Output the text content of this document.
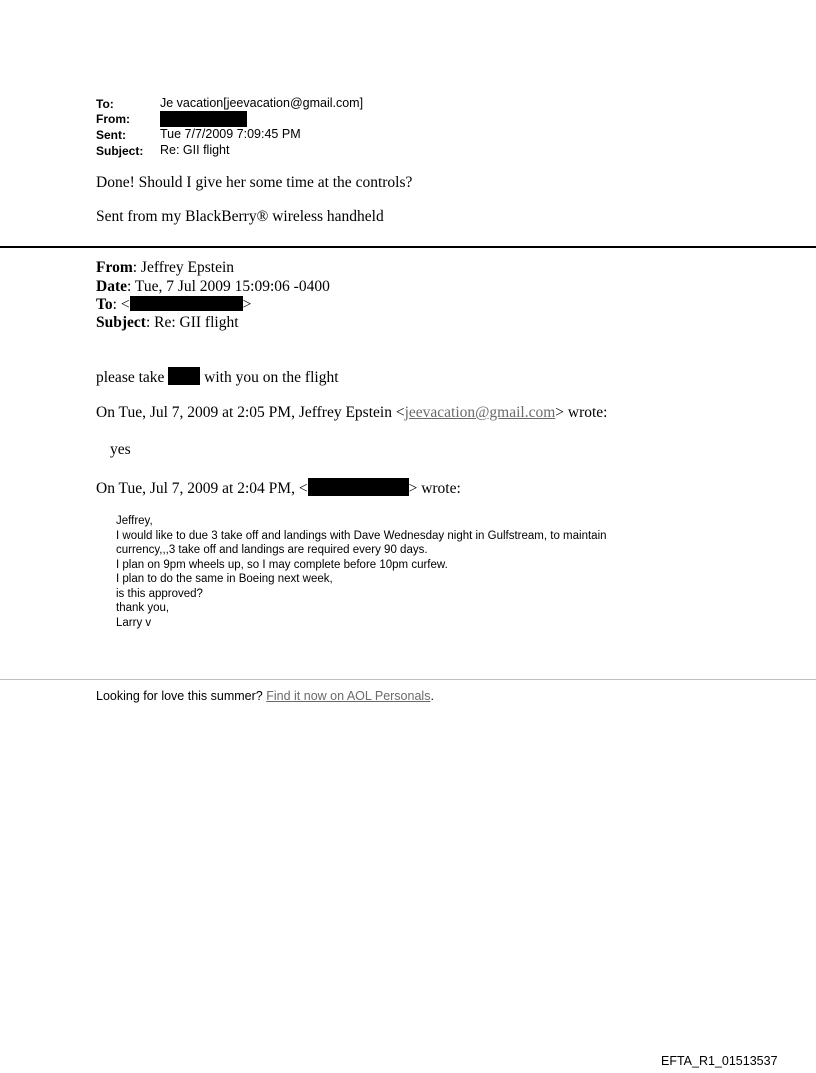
To:	Je vacation[jeevacation@gmail.com]
From:
Sent:	Tue 7/7/2009 7:09:45 PM
Subject: Re: GII flight
Done! Should I give her some time at the controls?
Sent from my BlackBerry® wireless handheld
From: Jeffrey Epstein
Date: Tue, 7 Jul 2009 15:09:06 -0400
To: <	>
Subject: Re: GII flight
please take	with you on the flight
On Tue, Jul 7, 2009 at 2:05 PM, Jeffrey Epstein <jeevacation@gmail.com> wrote:
yes
On Tue, Jul 7, 2009 at 2:04 PM, <	> wrote:
Jeffrey,
I would like to due 3 take off and landings with Dave Wednesday night in Gulfstream, to maintain
currency,,,3 take off and landings are required every 90 days.
I plan on 9pm wheels up, so I may complete before 10pm curfew.
I plan to do the same in Boeing next week,
is this approved?
thank you,
Larry v
Looking for love this summer? Find it now on AOL Personals.
EFTA_R1_01513537
